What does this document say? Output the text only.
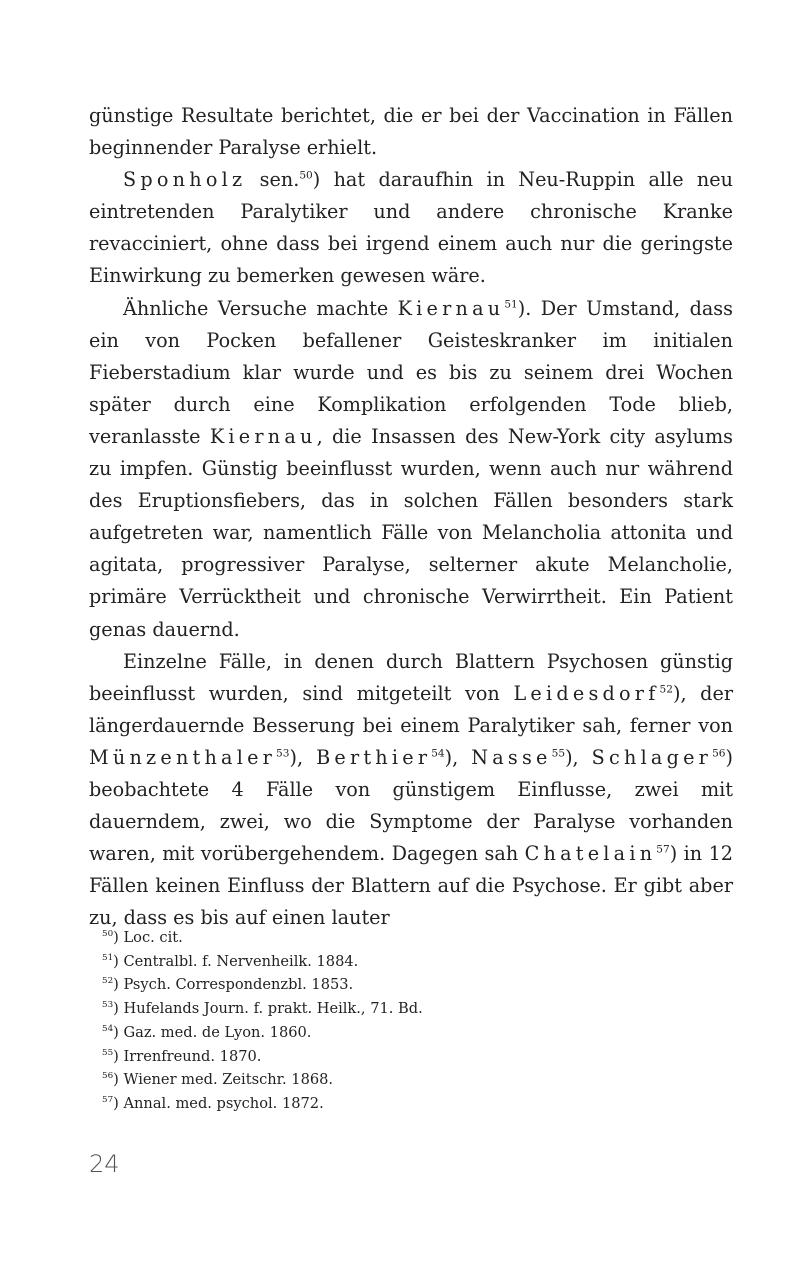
günstige Resultate berichtet, die er bei der Vaccination in Fällen beginnender Paralyse erhielt.

Sponholz sen.$^{50}$) hat daraufhin in Neu-Ruppin alle neu eintretenden Paralytiker und andere chronische Kranke revacciniert, ohne dass bei irgend einem auch nur die geringste Einwirkung zu bemerken gewesen wäre.

Ähnliche Versuche machte Kiernau$^{51}$). Der Umstand, dass ein von Pocken befallener Geisteskranker im initialen Fieberstadium klar wurde und es bis zu seinem drei Wochen später durch eine Komplikation erfolgenden Tode blieb, veranlasste Kiernau, die Insassen des New-York city asylums zu impfen. Günstig beeinflusst wurden, wenn auch nur während des Eruptionsfiebers, das in solchen Fällen besonders stark aufgetreten war, namentlich Fälle von Melancholia attonita und agitata, progressiver Paralyse, selterner akute Melancholie, primäre Verrücktheit und chronische Verwirrtheit. Ein Patient genas dauernd.

Einzelne Fälle, in denen durch Blattern Psychosen günstig beeinflusst wurden, sind mitgeteilt von Leidesdorf$^{52}$), der längerdauernde Besserung bei einem Paralytiker sah, ferner von Münzenthaler$^{53}$), Berthier$^{54}$), Nasse$^{55}$), Schlager$^{56}$) beobachtete 4 Fälle von günstigem Einflusse, zwei mit dauerndem, zwei, wo die Symptome der Paralyse vorhanden waren, mit vorübergehendem. Dagegen sah Chatelain$^{57}$) in 12 Fällen keinen Einfluss der Blattern auf die Psychose. Er gibt aber zu, dass es bis auf einen lauter

$^{50}$) Loc. cit.
$^{51}$) Centralbl. f. Nervenheilk. 1884.
$^{52}$) Psych. Correspondenzbl. 1853.
$^{53}$) Hufelands Journ. f. prakt. Heilk., 71. Bd.
$^{54}$) Gaz. med. de Lyon. 1860.
$^{55}$) Irrenfreund. 1870.
$^{56}$) Wiener med. Zeitschr. 1868.
$^{57}$) Annal. med. psychol. 1872.
24
